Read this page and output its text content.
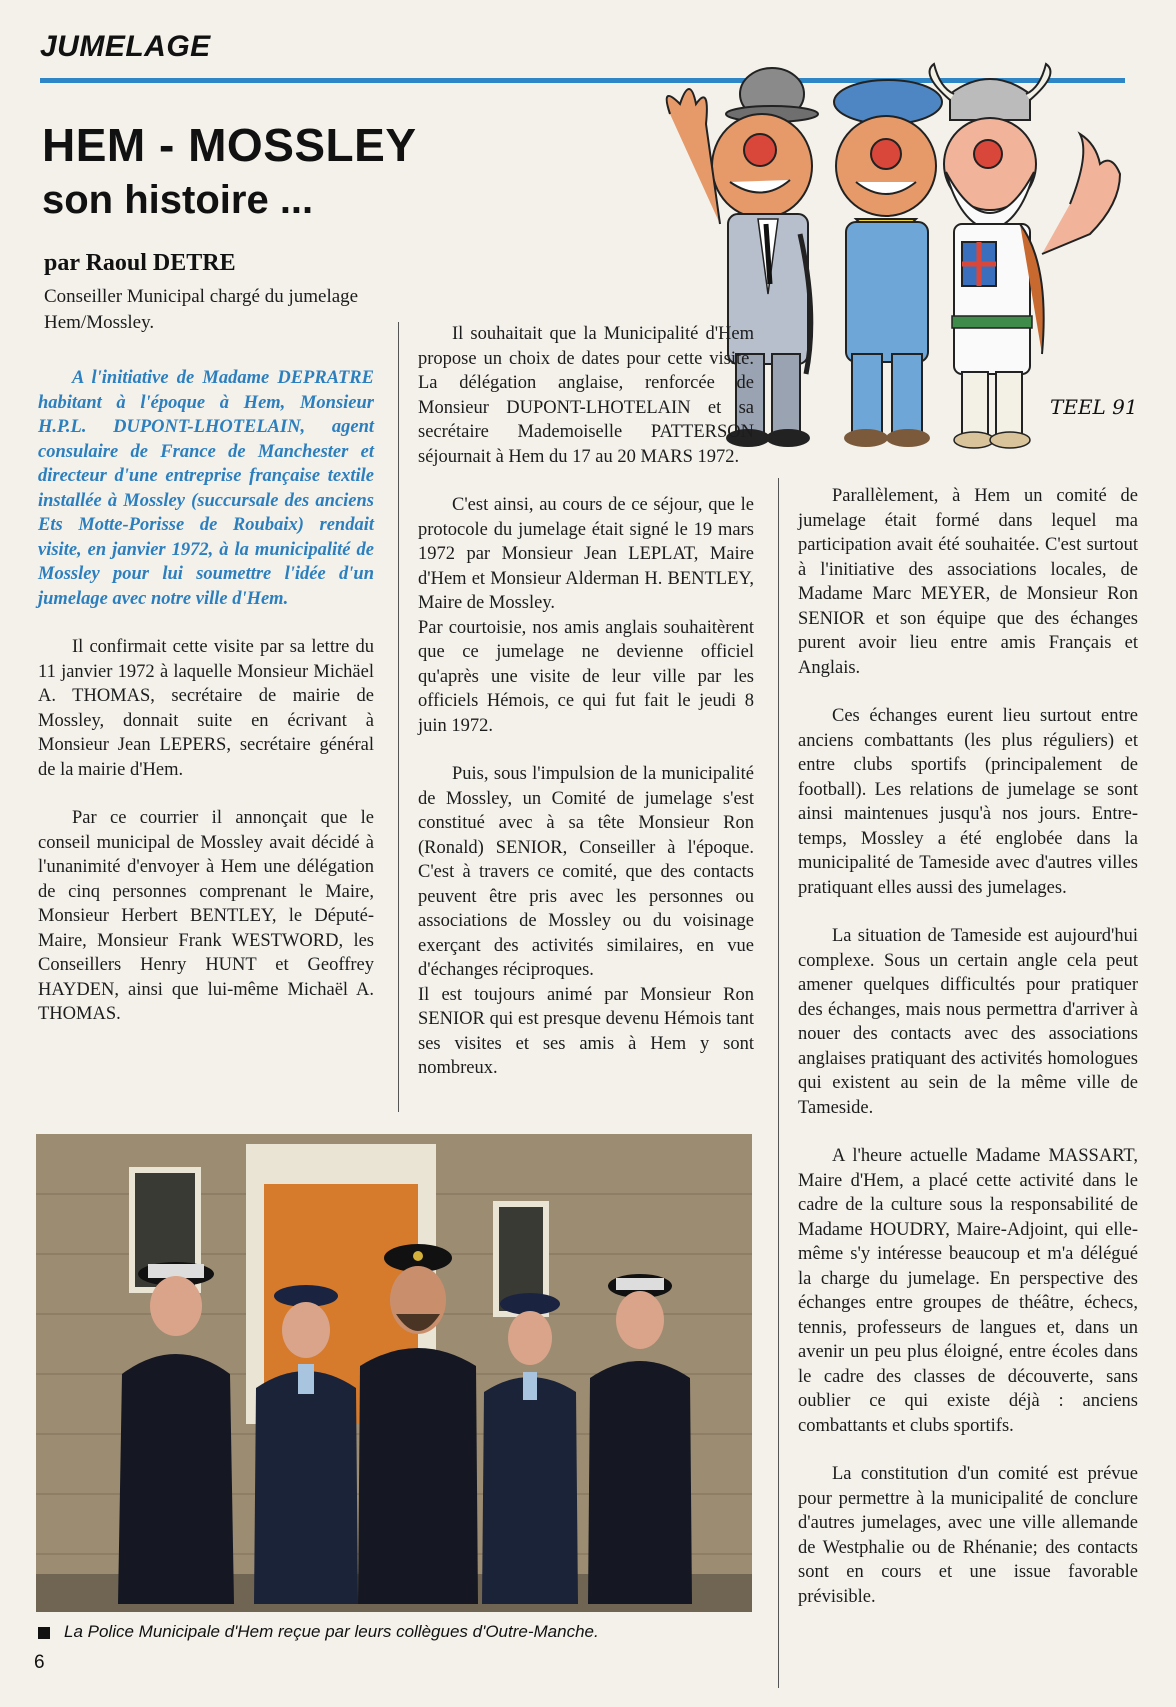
JUMELAGE
HEM - MOSSLEY
son histoire ...
par Raoul DETRE
Conseiller Municipal chargé du jumelage Hem/Mossley.
TEEL 91

A l'initiative de Madame DEPRATRE habitant à l'époque à Hem, Monsieur H.P.L. DUPONT-LHOTELAIN, agent consulaire de France de Manchester et directeur d'une entreprise française textile installée à Mossley (succursale des anciens Ets Motte-Porisse de Roubaix) rendait visite, en janvier 1972, à la municipalité de Mossley pour lui soumettre l'idée d'un jumelage avec notre ville d'Hem.

Il confirmait cette visite par sa lettre du 11 janvier 1972 à laquelle Monsieur Michäel A. THOMAS, secrétaire de mairie de Mossley, donnait suite en écrivant à Monsieur Jean LEPERS, secrétaire général de la mairie d'Hem.

Par ce courrier il annonçait que le conseil municipal de Mossley avait décidé à l'unanimité d'envoyer à Hem une délégation de cinq personnes comprenant le Maire, Monsieur Herbert BENTLEY, le Député-Maire, Monsieur Frank WESTWORD, les Conseillers Henry HUNT et Geoffrey HAYDEN, ainsi que lui-même Michaël A. THOMAS.

Il souhaitait que la Municipalité d'Hem propose un choix de dates pour cette visite. La délégation anglaise, renforcée de Monsieur DUPONT-LHOTELAIN et sa secrétaire Mademoiselle PATTERSON séjournait à Hem du 17 au 20 MARS 1972.

C'est ainsi, au cours de ce séjour, que le protocole du jumelage était signé le 19 mars 1972 par Monsieur Jean LEPLAT, Maire d'Hem et Monsieur Alderman H. BENTLEY, Maire de Mossley.

Par courtoisie, nos amis anglais souhaitèrent que ce jumelage ne devienne officiel qu'après une visite de leur ville par les officiels Hémois, ce qui fut fait le jeudi 8 juin 1972.

Puis, sous l'impulsion de la municipalité de Mossley, un Comité de jumelage s'est constitué avec à sa tête Monsieur Ron (Ronald) SENIOR, Conseiller à l'époque. C'est à travers ce comité, que des contacts peuvent être pris avec les personnes ou associations de Mossley ou du voisinage exerçant des activités similaires, en vue d'échanges réciproques.

Il est toujours animé par Monsieur Ron SENIOR qui est presque devenu Hémois tant ses visites et ses amis à Hem y sont nombreux.

Parallèlement, à Hem un comité de jumelage était formé dans lequel ma participation avait été souhaitée. C'est surtout à l'initiative des associations locales, de Madame Marc MEYER, de Monsieur Ron SENIOR et son équipe que des échanges purent avoir lieu entre amis Français et Anglais.

Ces échanges eurent lieu surtout entre anciens combattants (les plus réguliers) et entre clubs sportifs (principalement de football). Les relations de jumelage se sont ainsi maintenues jusqu'à nos jours. Entre-temps, Mossley a été englobée dans la municipalité de Tameside avec d'autres villes pratiquant elles aussi des jumelages.

La situation de Tameside est aujourd'hui complexe. Sous un certain angle cela peut amener quelques difficultés pour pratiquer des échanges, mais nous permettra d'arriver à nouer des contacts avec des associations anglaises pratiquant des activités homologues qui existent au sein de la même ville de Tameside.

A l'heure actuelle Madame MASSART, Maire d'Hem, a placé cette activité dans le cadre de la culture sous la responsabilité de Madame HOUDRY, Maire-Adjoint, qui elle-même s'y intéresse beaucoup et m'a délégué la charge du jumelage. En perspective des échanges entre groupes de théâtre, échecs, tennis, professeurs de langues et, dans un avenir un peu plus éloigné, entre écoles dans le cadre des classes de découverte, sans oublier ce qui existe déjà : anciens combattants et clubs sportifs.

La constitution d'un comité est prévue pour permettre à la municipalité de conclure d'autres jumelages, avec une ville allemande de Westphalie ou de Rhénanie; des contacts sont en cours et une issue favorable prévisible.

La Police Municipale d'Hem reçue par leurs collègues d'Outre-Manche.
6
